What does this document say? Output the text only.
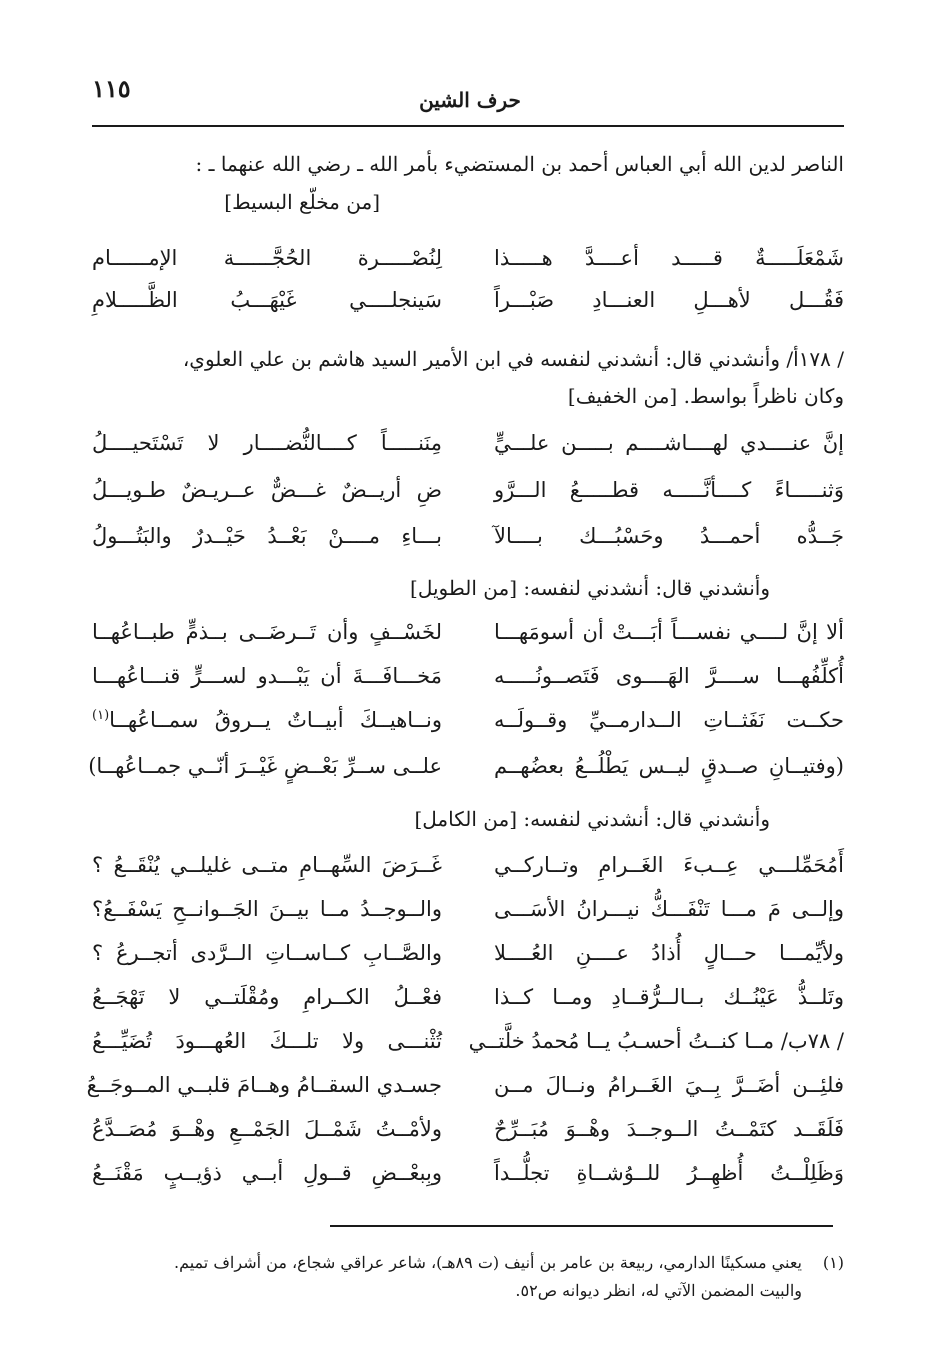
١١٥	حرف الشين
الناصر لدين الله أبي العباس أحمد بن المستضيء بأمر الله ـ رضي الله عنهما ـ :
[من مخلّع البسيط]
شَمْعَلَـــــةٌ قـــــد أعــــدَّ هـــــذا
لِنُصْـــــرة الحُجَّــــــة الإمــــــام
فَقُـــل لأهـــلِ العنـــادِ صَبْـــراً
سَينجلــــي غَيْهَـــبُ الظَّـــــلامِ
/ ١٧٨أ/ وأنشدني قال: أنشدني لنفسه في ابن الأمير السيد هاشم بن علي العلوي،
وكان ناظراً بواسط. [من الخفيف]
إنَّ عنــــدي لهــــاشــــم بـــــن علـــيٍّ
مِنَنـــــاً كــــالنُّضــــار لا تَسْتَحيــــلُ
وَثنـــــاءً كــــأنَّـــــه قطـــــعُ الـــرَّو
ضِ أريــضٌ غـــضٌّ عــريـضٌ طـويـــلُ
جَــدُّه أحمـــدُ وحَسْبُـــك بــــالآ
بـــاءِ مــــنْ بَعْــدُ حَيْــدرٌ والبَتُـــولُ
وأنشدني قال: أنشدني لنفسه: [من الطويل]
ألا إنَّ لــــي نفســـاً أبَـــتْ أن أسومَهـــا
لخَسْــفٍ وأن تَــرضَــى بــذمٍّ طبــاعُهــا
أُكلِّفُهـــا ســــرَّ الهَــــوى فَتَصــونُـــــه
مَخـــافَـــةَ أن يَبْـــدو لســـرٍّ قنـــاعُهـــا
حكــت نَفَثــاتِ الــدارمــيِّ وقــولَــه
ونــاهيــكَ أبيــاتٌ يــروقُ سمــاعُهــا$^{(١)}$
(وفتيــانِ صــدقٍ ليــس يَطْلُــعُ بعضُهــم
علــى ســرِّ بَعْــضٍ غَيْــرَ أنّــي جمــاعُهــا)
وأنشدني قال: أنشدني لنفسه: [من الكامل]
أَمُحَمِّلـــي عِــبءَ الغَــرامِ وتــاركــي
غَــرَضَ السِّهــامِ متــى غليلــي يُنْقَــعُ ؟
وإلــى مَ مـــا تَنْفَـــكُّ نيـــرانُ الأسَـــى
والــوجــدُ مــا بيــنَ الجَــوانــحِ يَسْفَــعُ؟
ولأيِّمـــا حـــالٍ أُذادُ عــــنِ العُــــلا
والصَّــابِ كــاســاتِ الــرَّدى أتجــرعُ ؟
وتَلــذُّ عَيْنُــك بــالــرُّقــادِ ومــا كــذا
فعْــلُ الكــرامِ ومُقْلَتــي لا تَهْجَــعُ
/ ٧٨ب/ مــا كنــتُ أحسـبُ يــا مُحمدُ خلَّتــي
تُثْنـــى ولا تلـــكَ العُهـــودَ تُضَيِّـــعُ
فلئِــن أضَــرَّ بِــيَ الغَــرامُ ونــالَ مــن
جسـدي السقــامُ وهــامَ قلبــي المــوجَــعُ
فَلَقَــد كتَمْــتُ الــوجــدَ وهْــوَ مُبَــرِّحٌ
ولأمْــتُ شَمْــلَ الجَمْــعِ وهْــوَ مُصَــدَّعُ
وَظَلِلْــتُ أُظهِــرُ للــوُشــاةِ تجلُّــداً
وبِبعْــضِ قــولِ أبــي ذؤيــبٍ مَقْنَــعُ
(١)يعني مسكينًا الدارمي، ربيعة بن عامر بن أنيف (ت ٨٩هـ)، شاعر عراقي شجاع، من أشراف تميم.
والبيت المضمن الآتي له، انظر ديوانه ص٥٢.
